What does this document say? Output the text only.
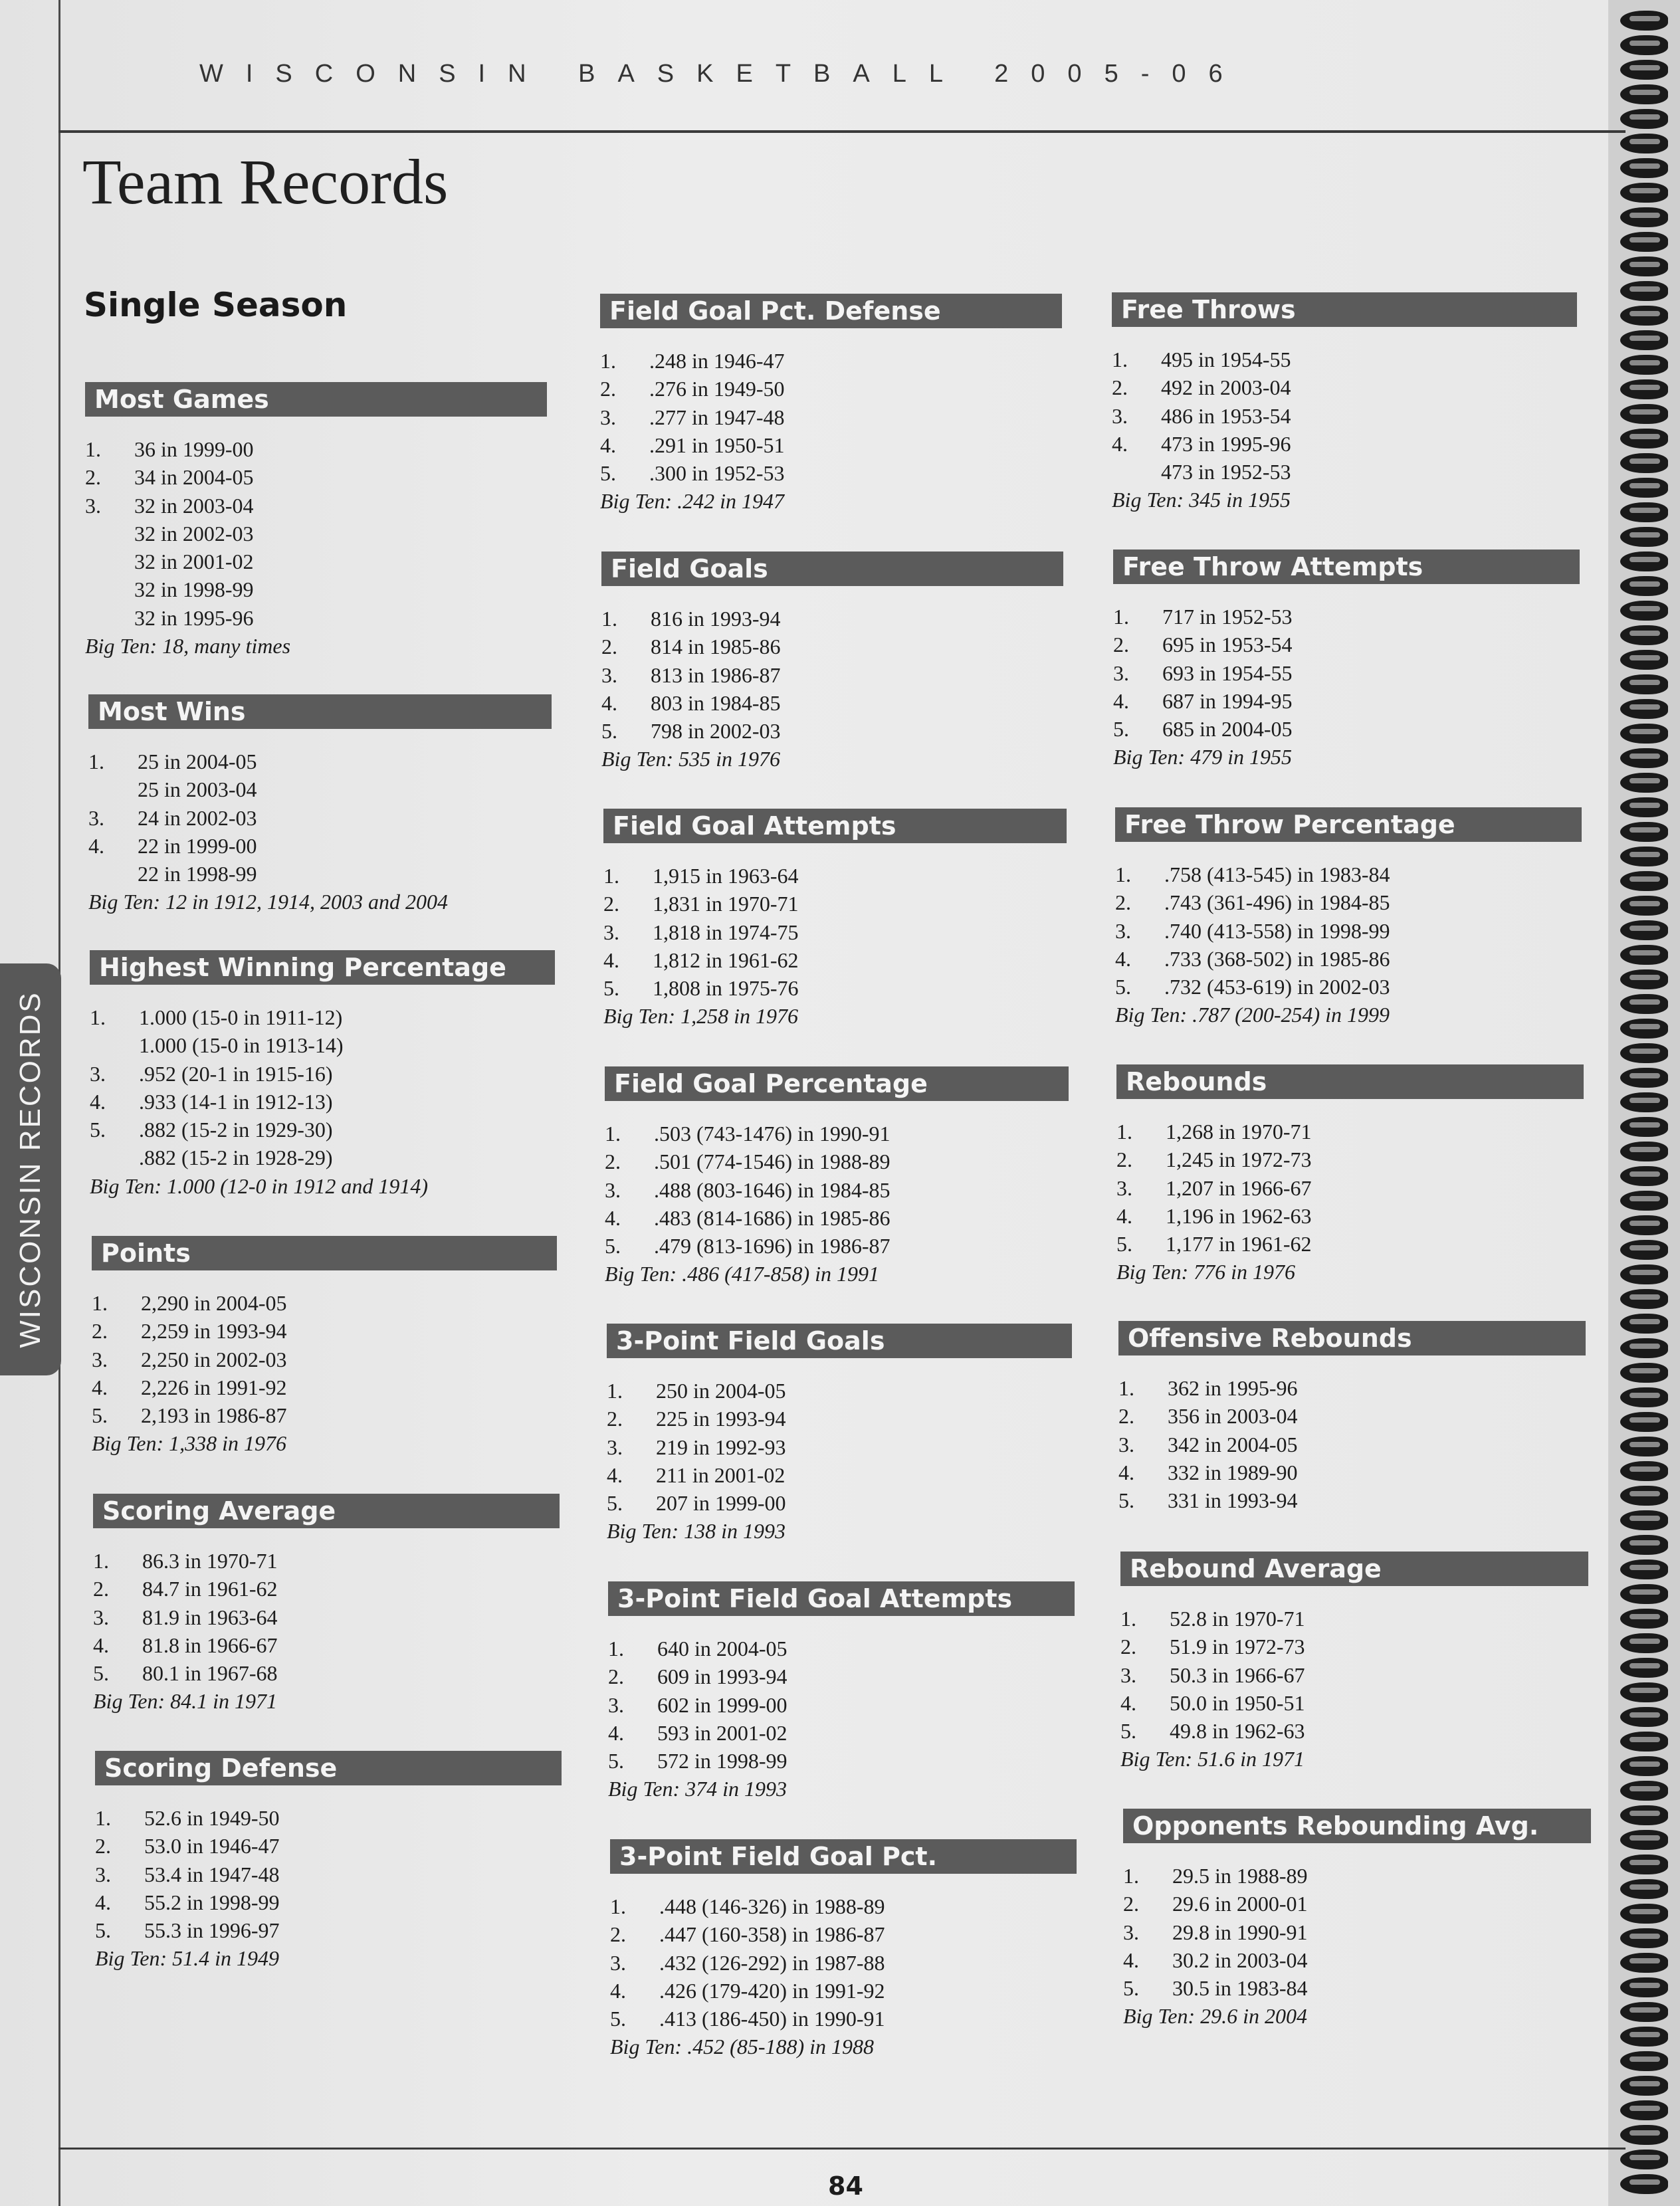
WISCONSIN BASKETBALL 2005-06
Team Records
Single Season
WISCONSIN RECORDS
Most Games
1. 36 in 1999-00
2. 34 in 2004-05
3. 32 in 2003-04
32 in 2002-03
32 in 2001-02
32 in 1998-99
32 in 1995-96
Big Ten: 18, many times
Most Wins
1. 25 in 2004-05
25 in 2003-04
3. 24 in 2002-03
4. 22 in 1999-00
22 in 1998-99
Big Ten: 12 in 1912, 1914, 2003 and 2004
Highest Winning Percentage
1. 1.000 (15-0 in 1911-12)
1.000 (15-0 in 1913-14)
3. .952 (20-1 in 1915-16)
4. .933 (14-1 in 1912-13)
5. .882 (15-2 in 1929-30)
.882 (15-2 in 1928-29)
Big Ten: 1.000 (12-0 in 1912 and 1914)
Points
1. 2,290 in 2004-05
2. 2,259 in 1993-94
3. 2,250 in 2002-03
4. 2,226 in 1991-92
5. 2,193 in 1986-87
Big Ten: 1,338 in 1976
Scoring Average
1. 86.3 in 1970-71
2. 84.7 in 1961-62
3. 81.9 in 1963-64
4. 81.8 in 1966-67
5. 80.1 in 1967-68
Big Ten: 84.1 in 1971
Scoring Defense
1. 52.6 in 1949-50
2. 53.0 in 1946-47
3. 53.4 in 1947-48
4. 55.2 in 1998-99
5. 55.3 in 1996-97
Big Ten: 51.4 in 1949
Field Goal Pct. Defense
1. .248 in 1946-47
2. .276 in 1949-50
3. .277 in 1947-48
4. .291 in 1950-51
5. .300 in 1952-53
Big Ten: .242 in 1947
Field Goals
1. 816 in 1993-94
2. 814 in 1985-86
3. 813 in 1986-87
4. 803 in 1984-85
5. 798 in 2002-03
Big Ten: 535 in 1976
Field Goal Attempts
1. 1,915 in 1963-64
2. 1,831 in 1970-71
3. 1,818 in 1974-75
4. 1,812 in 1961-62
5. 1,808 in 1975-76
Big Ten: 1,258 in 1976
Field Goal Percentage
1. .503 (743-1476) in 1990-91
2. .501 (774-1546) in 1988-89
3. .488 (803-1646) in 1984-85
4. .483 (814-1686) in 1985-86
5. .479 (813-1696) in 1986-87
Big Ten: .486 (417-858) in 1991
3-Point Field Goals
1. 250 in 2004-05
2. 225 in 1993-94
3. 219 in 1992-93
4. 211 in 2001-02
5. 207 in 1999-00
Big Ten: 138 in 1993
3-Point Field Goal Attempts
1. 640 in 2004-05
2. 609 in 1993-94
3. 602 in 1999-00
4. 593 in 2001-02
5. 572 in 1998-99
Big Ten: 374 in 1993
3-Point Field Goal Pct.
1. .448 (146-326) in 1988-89
2. .447 (160-358) in 1986-87
3. .432 (126-292) in 1987-88
4. .426 (179-420) in 1991-92
5. .413 (186-450) in 1990-91
Big Ten: .452 (85-188) in 1988
Free Throws
1. 495 in 1954-55
2. 492 in 2003-04
3. 486 in 1953-54
4. 473 in 1995-96
473 in 1952-53
Big Ten: 345 in 1955
Free Throw Attempts
1. 717 in 1952-53
2. 695 in 1953-54
3. 693 in 1954-55
4. 687 in 1994-95
5. 685 in 2004-05
Big Ten: 479 in 1955
Free Throw Percentage
1. .758 (413-545) in 1983-84
2. .743 (361-496) in 1984-85
3. .740 (413-558) in 1998-99
4. .733 (368-502) in 1985-86
5. .732 (453-619) in 2002-03
Big Ten: .787 (200-254) in 1999
Rebounds
1. 1,268 in 1970-71
2. 1,245 in 1972-73
3. 1,207 in 1966-67
4. 1,196 in 1962-63
5. 1,177 in 1961-62
Big Ten: 776 in 1976
Offensive Rebounds
1. 362 in 1995-96
2. 356 in 2003-04
3. 342 in 2004-05
4. 332 in 1989-90
5. 331 in 1993-94
Rebound Average
1. 52.8 in 1970-71
2. 51.9 in 1972-73
3. 50.3 in 1966-67
4. 50.0 in 1950-51
5. 49.8 in 1962-63
Big Ten: 51.6 in 1971
Opponents Rebounding Avg.
1. 29.5 in 1988-89
2. 29.6 in 2000-01
3. 29.8 in 1990-91
4. 30.2 in 2003-04
5. 30.5 in 1983-84
Big Ten: 29.6 in 2004
84
